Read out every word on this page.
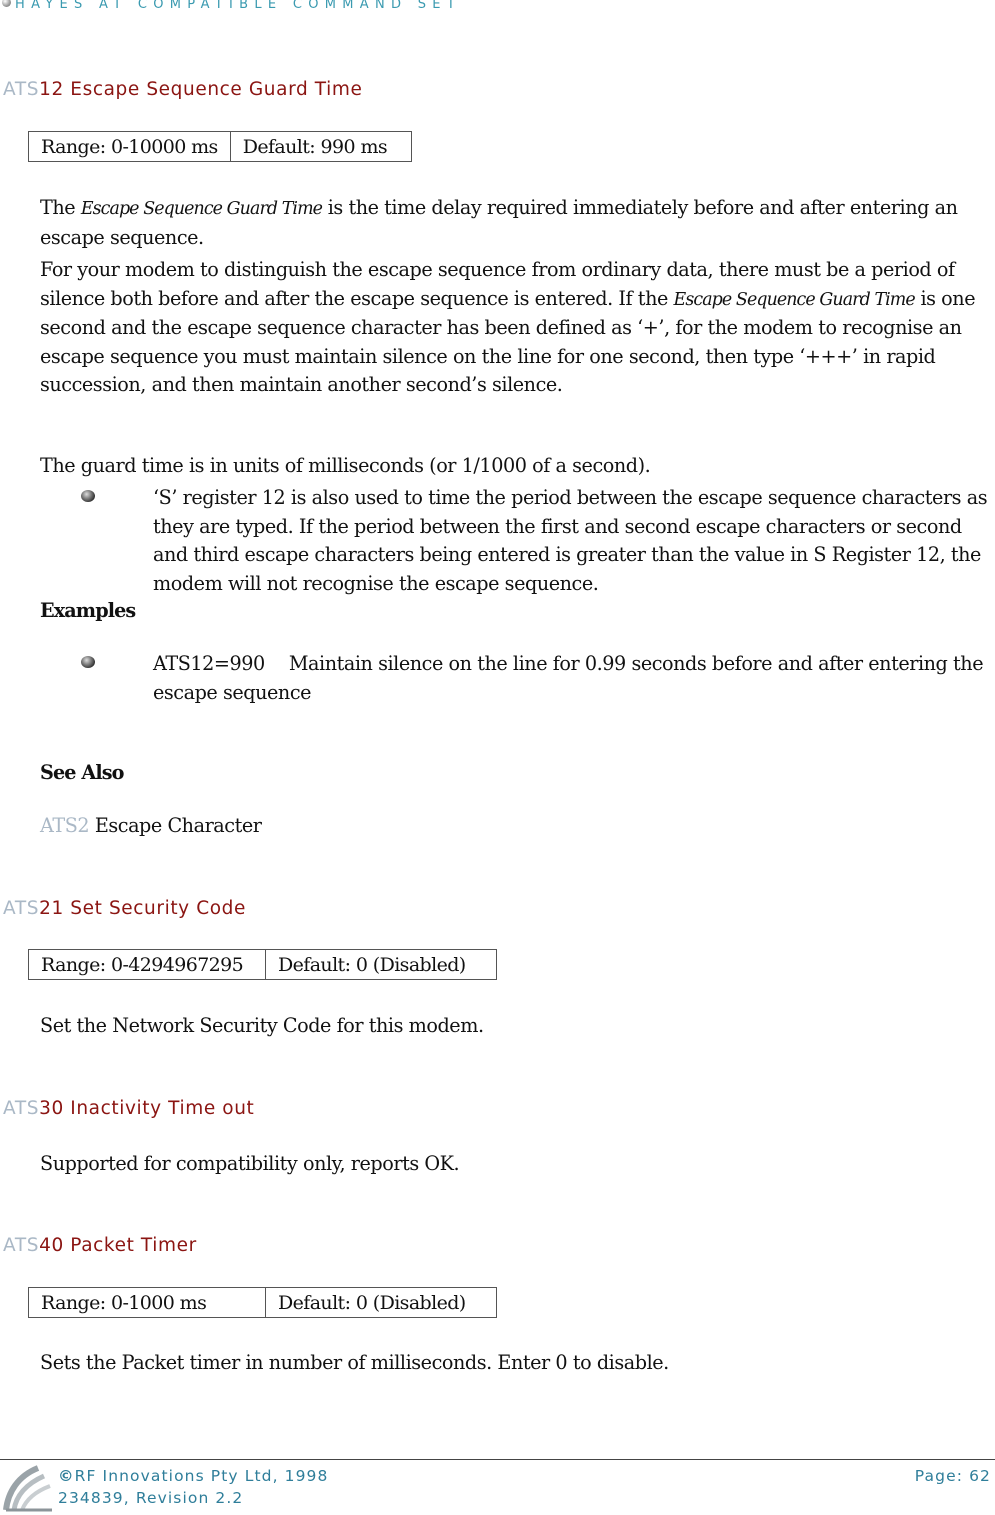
HAYES AT COMPATIBLE COMMAND SET
ATS12 Escape Sequence Guard Time
Range: 0-10000 ms	Default: 990 ms
The Escape Sequence Guard Time is the time delay required immediately before and after entering an escape sequence.
For your modem to distinguish the escape sequence from ordinary data, there must be a period of silence both before and after the escape sequence is entered. If the Escape Sequence Guard Time is one second and the escape sequence character has been defined as ‘+’, for the modem to recognise an escape sequence you must maintain silence on the line for one second, then type ‘+++’ in rapid succession, and then maintain another second’s silence.
The guard time is in units of milliseconds (or 1/1000 of a second).
‘S’ register 12 is also used to time the period between the escape sequence characters as they are typed. If the period between the first and second escape characters or second and third escape characters being entered is greater than the value in S Register 12, the modem will not recognise the escape sequence.
Examples
ATS12=990 Maintain silence on the line for 0.99 seconds before and after entering the escape sequence
See Also
ATS2 Escape Character
ATS21 Set Security Code
Range: 0-4294967295	Default: 0 (Disabled)
Set the Network Security Code for this modem.
ATS30 Inactivity Time out
Supported for compatibility only, reports OK.
ATS40 Packet Timer
Range: 0-1000 ms	Default: 0 (Disabled)
Sets the Packet timer in number of milliseconds. Enter 0 to disable.
©RF Innovations Pty Ltd, 1998
234839, Revision 2.2
Page: 62
